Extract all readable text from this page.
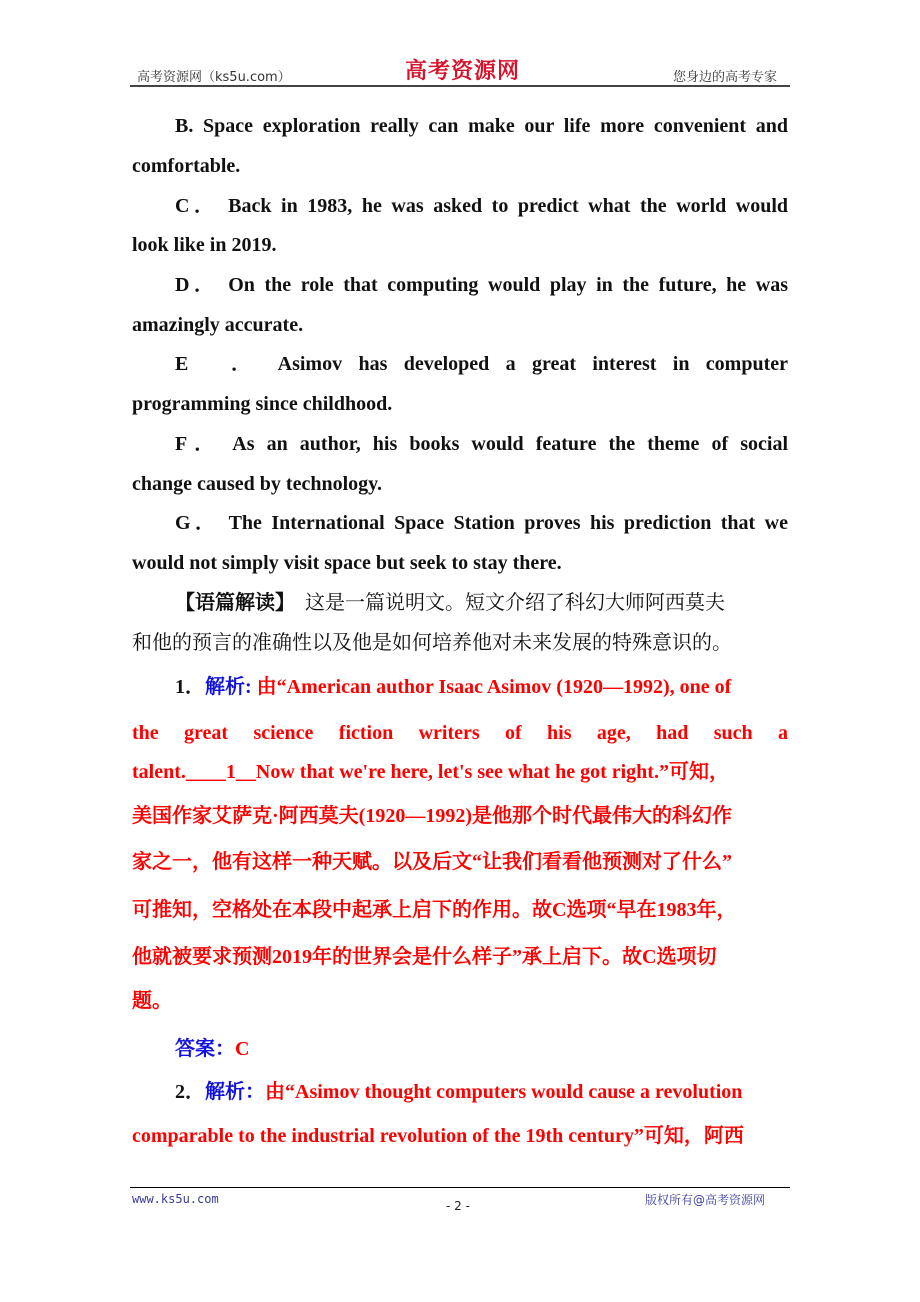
高考资源网（ks5u.com）	高考资源网	您身边的高考专家
B. Space exploration really can make our life more convenient and
comfortable.
C． Back in 1983, he was asked to predict what the world would
look like in 2019.
D． On the role that computing would play in the future, he was
amazingly accurate.
E　． Asimov has developed a great interest in computer
programming since childhood.
F． As an author, his books would feature the theme of social
change caused by technology.
G． The International Space Station proves his prediction that we
would not simply visit space but seek to stay there.
【语篇解读】　这是一篇说明文。短文介绍了科幻大师阿西莫夫
和他的预言的准确性以及他是如何培养他对未来发展的特殊意识的。
1．解析: 由“American author Isaac Asimov (1920—1992), one of
the great science fiction writers of his age, had such a
talent.____1__Now that we're here, let's see what he got right.”可知，
美国作家艾萨克·阿西莫夫(1920—1992)是他那个时代最伟大的科幻作
家之一，他有这样一种天赋。以及后文“让我们看看他预测对了什么”
可推知，空格处在本段中起承上启下的作用。故C选项“早在1983年，
他就被要求预测2019年的世界会是什么样子”承上启下。故C选项切
题。
答案：C
2．解析：由“Asimov thought computers would cause a revolution
comparable to the industrial revolution of the 19th century”可知，阿西
www.ks5u.com	- 2 -	版权所有@高考资源网
